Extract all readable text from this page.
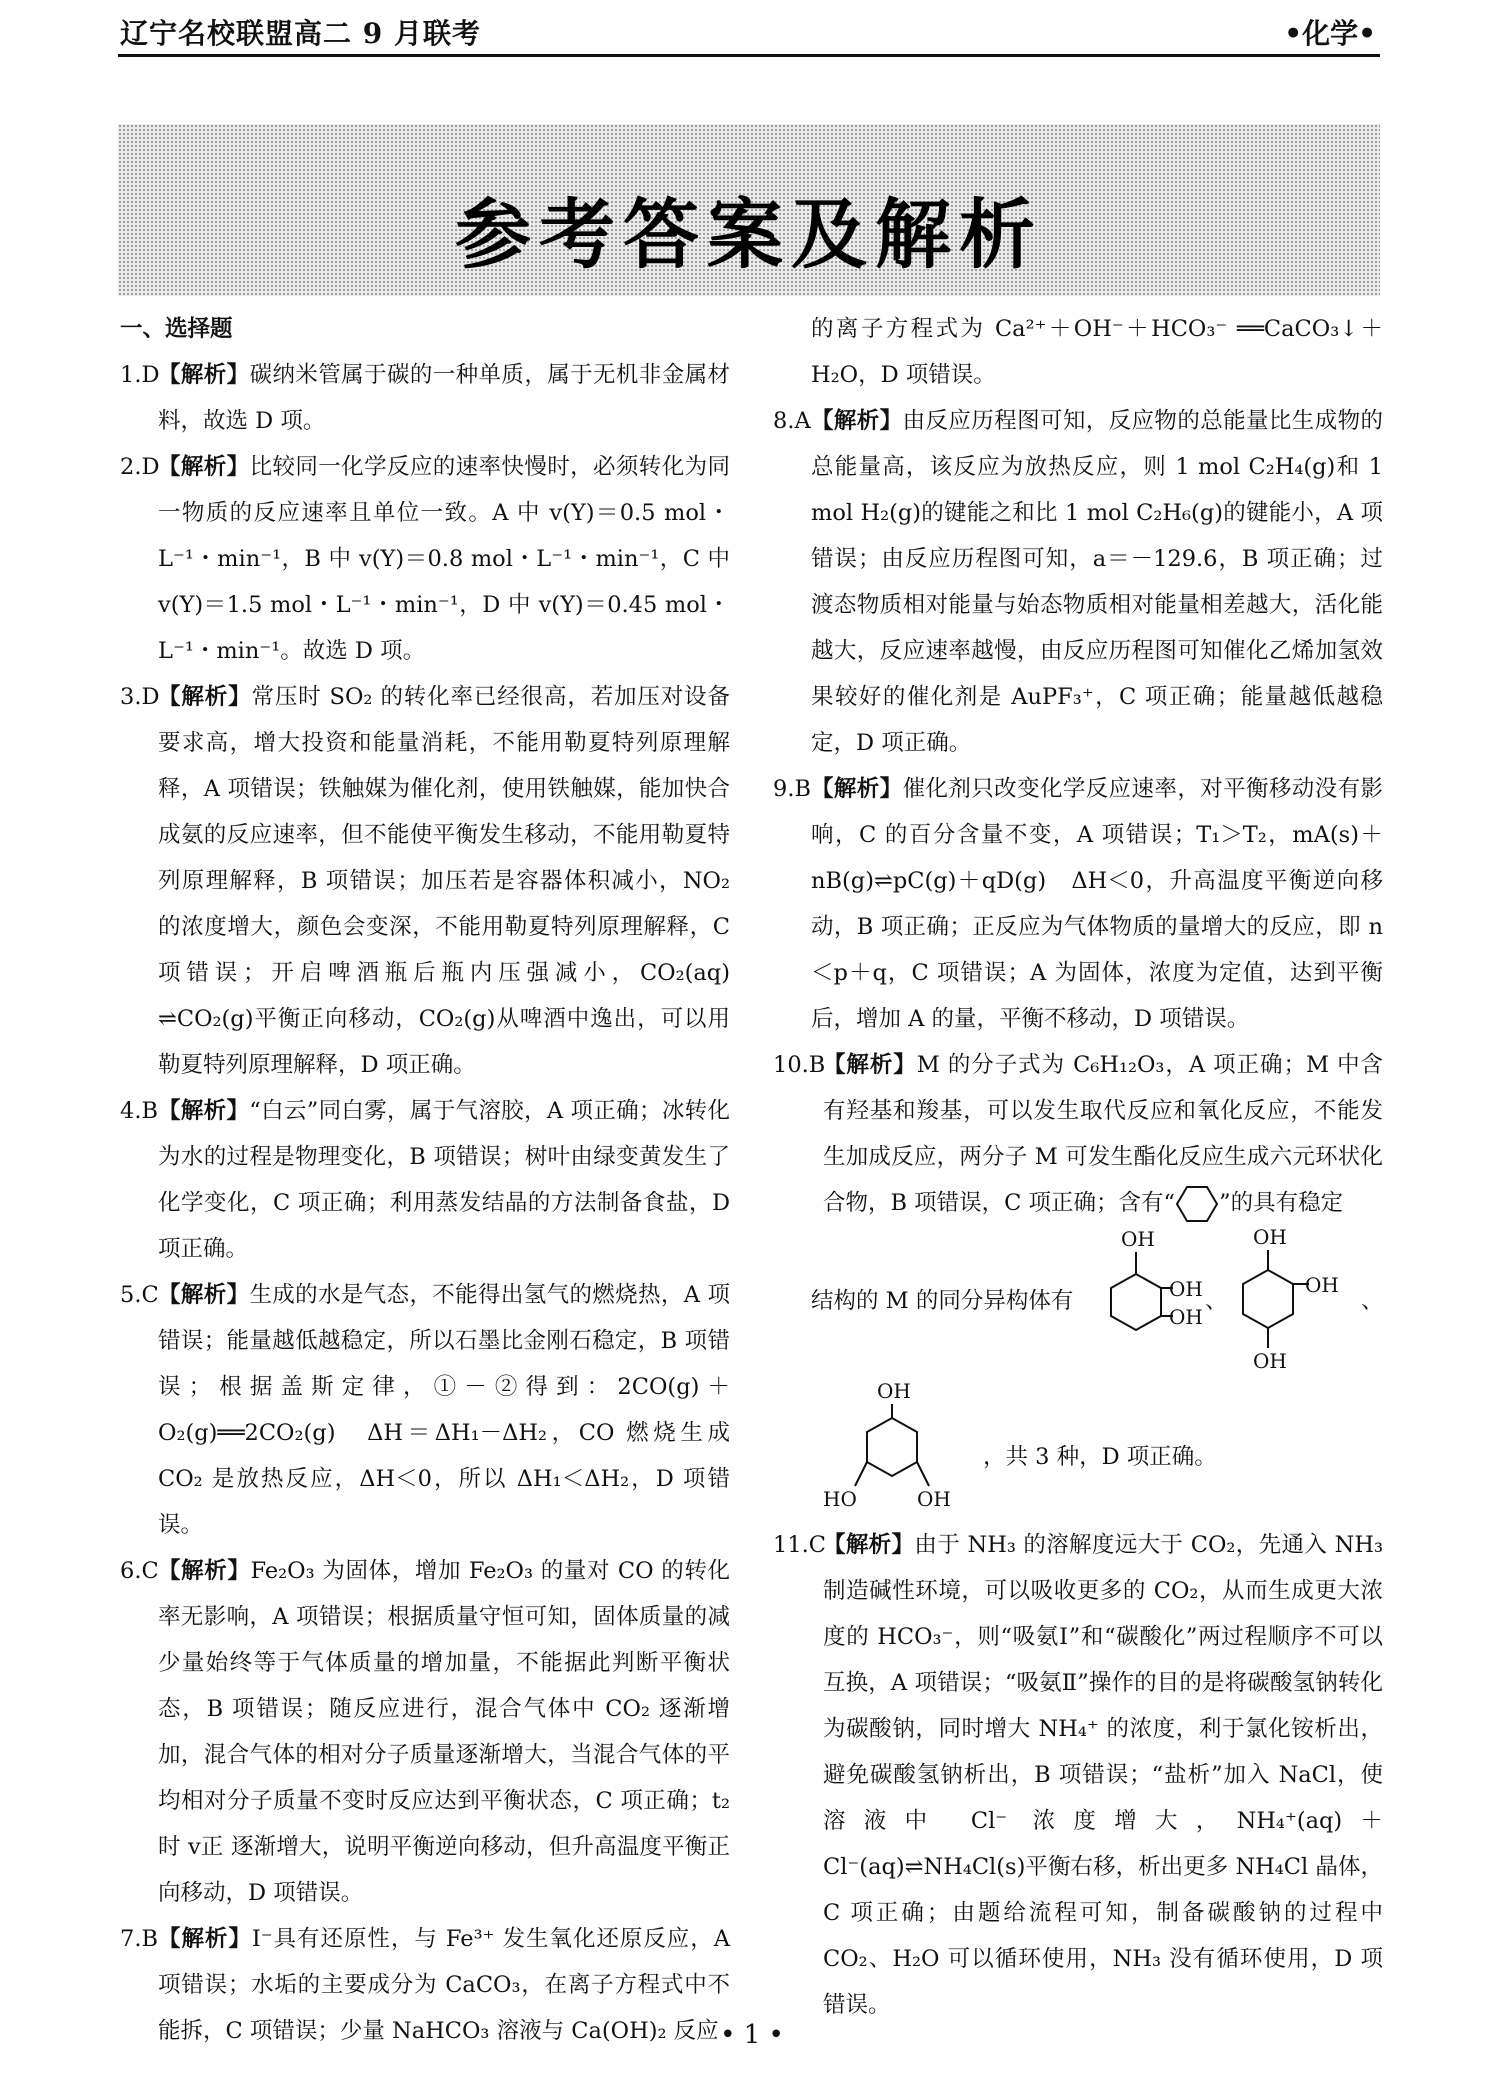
辽宁名校联盟高二 9 月联考	•化学•
参考答案及解析
一、选择题
1.D
【解析】碳纳米管属于碳的一种单质，属于无机非金属材料，故选 D 项。
2.D
【解析】比较同一化学反应的速率快慢时，必须转化为同一物质的反应速率且单位一致。A 中 v(Y)＝0.5 mol・L⁻¹・min⁻¹，B 中 v(Y)＝0.8 mol・L⁻¹・min⁻¹，C 中 v(Y)＝1.5 mol・L⁻¹・min⁻¹，D 中 v(Y)＝0.45 mol・L⁻¹・min⁻¹。故选 D 项。
3.D
【解析】常压时 SO₂ 的转化率已经很高，若加压对设备要求高，增大投资和能量消耗，不能用勒夏特列原理解释，A 项错误；铁触媒为催化剂，使用铁触媒，能加快合成氨的反应速率，但不能使平衡发生移动，不能用勒夏特列原理解释，B 项错误；加压若是容器体积减小，NO₂ 的浓度增大，颜色会变深，不能用勒夏特列原理解释，C 项错误；开启啤酒瓶后瓶内压强减小，CO₂(aq) ⇌CO₂(g)平衡正向移动，CO₂(g)从啤酒中逸出，可以用勒夏特列原理解释，D 项正确。
4.B 【解析】“白云”同白雾，属于气溶胶，A 项正确；冰转化为水的过程是物理变化，B 项错误；树叶由绿变黄发生了化学变化，C 项正确；利用蒸发结晶的方法制备食盐，D 项正确。
5.C 【解析】生成的水是气态，不能得出氢气的燃烧热，A 项错误；能量越低越稳定，所以石墨比金刚石稳定，B 项错误；根据盖斯定律，①－②得到：2CO(g)＋O₂(g)══2CO₂(g)　ΔH＝ΔH₁－ΔH₂，CO 燃烧生成 CO₂ 是放热反应，ΔH＜0，所以 ΔH₁＜ΔH₂，D 项错误。
6.C 【解析】Fe₂O₃ 为固体，增加 Fe₂O₃ 的量对 CO 的转化率无影响，A 项错误；根据质量守恒可知，固体质量的减少量始终等于气体质量的增加量，不能据此判断平衡状态，B 项错误；随反应进行，混合气体中 CO₂ 逐渐增加，混合气体的相对分子质量逐渐增大，当混合气体的平均相对分子质量不变时反应达到平衡状态，C 项正确；t₂ 时 v正 逐渐增大，说明平衡逆向移动，但升高温度平衡正向移动，D 项错误。
7.B 【解析】I⁻具有还原性，与 Fe³⁺ 发生氧化还原反应，A 项错误；水垢的主要成分为 CaCO₃，在离子方程式中不能拆，C 项错误；少量 NaHCO₃ 溶液与 Ca(OH)₂ 反应
的离子方程式为 Ca²⁺＋OH⁻＋HCO₃⁻ ══CaCO₃↓＋H₂O，D 项错误。
8.A 【解析】由反应历程图可知，反应物的总能量比生成物的总能量高，该反应为放热反应，则 1 mol C₂H₄(g)和 1 mol H₂(g)的键能之和比 1 mol C₂H₆(g)的键能小，A 项错误；由反应历程图可知，a＝－129.6，B 项正确；过渡态物质相对能量与始态物质相对能量相差越大，活化能越大，反应速率越慢，由反应历程图可知催化乙烯加氢效果较好的催化剂是 AuPF₃⁺，C 项正确；能量越低越稳定，D 项正确。
9.B 【解析】催化剂只改变化学反应速率，对平衡移动没有影响，C 的百分含量不变，A 项错误；T₁＞T₂，mA(s)＋nB(g)⇌pC(g)＋qD(g)　ΔH＜0，升高温度平衡逆向移动，B 项正确；正反应为气体物质的量增大的反应，即 n＜p＋q，C 项错误；A 为固体，浓度为定值，达到平衡后，增加 A 的量，平衡不移动，D 项错误。
10.B
【解析】M 的分子式为 C₆H₁₂O₃，A 项正确；M 中含有羟基和羧基，可以发生取代反应和氧化反应，不能发生加成反应，两分子 M 可发生酯化反应生成六元环状化合物，B 项错误，C 项正确；含有“ ”的具有稳定
结构的 M 的同分异构体有
OH
OH
OH
、
OH
OH
OH
、
OH
HO	OH
，共 3 种，D 项正确。
11.C
【解析】由于 NH₃ 的溶解度远大于 CO₂，先通入 NH₃ 制造碱性环境，可以吸收更多的 CO₂，从而生成更大浓度的 HCO₃⁻，则“吸氨Ⅰ”和“碳酸化”两过程顺序不可以互换，A 项错误；“吸氨Ⅱ”操作的目的是将碳酸氢钠转化为碳酸钠，同时增大 NH₄⁺ 的浓度，利于氯化铵析出，避免碳酸氢钠析出，B 项错误；“盐析”加入 NaCl，使溶液中 Cl⁻ 浓度增大，NH₄⁺(aq)＋Cl⁻(aq)⇌NH₄Cl(s)平衡右移，析出更多 NH₄Cl 晶体，C 项正确；由题给流程可知，制备碳酸钠的过程中 CO₂、H₂O 可以循环使用，NH₃ 没有循环使用，D 项错误。
• 1 •
